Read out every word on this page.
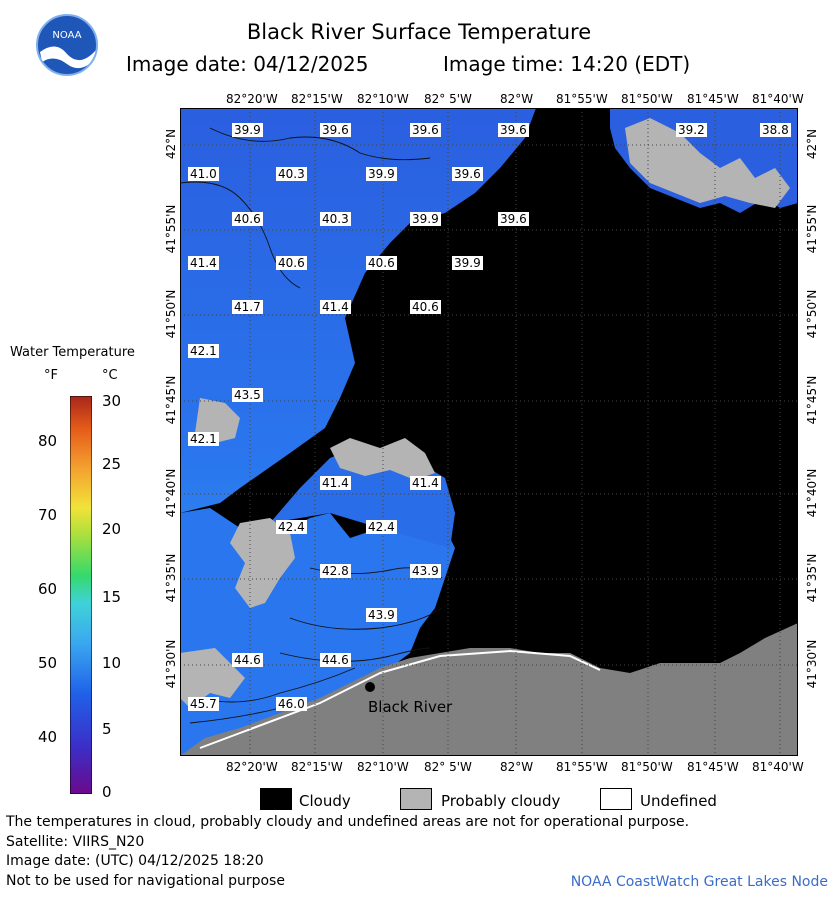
NOAA	Black River Surface Temperature
Image date: 04/12/2025	Image time: 14:20 (EDT)
82°20'W 82°15'W 82°10'W 82° 5'W 82°W 81°55'W 81°50'W 81°45'W 81°40'W
82°20'W 82°15'W 82°10'W 82° 5'W 82°W 81°55'W 81°50'W 81°45'W 81°40'W
42°N
41°55'N
41°50'N
41°45'N
41°40'N
41°35'N
41°30'N
42°N
41°55'N
41°50'N
41°45'N
41°40'N
41°35'N
41°30'N
39.9	39.6	39.6	39.6	39.2	38.8
41.0	40.3	39.9	39.6
40.6	40.3	39.9	39.6
41.4	40.6	40.6	39.9
41.7	41.4	40.6
42.1
43.5
42.1
41.4	41.4
42.4	42.4
42.8	43.9
43.9
44.6	44.6
45.7	46.0	Black River
Water Temperature
°F	°C
80
70
60
50
40
30
25
20
15
10
5
0	Cloudy	Probably cloudy	Undefined
The temperatures in cloud, probably cloudy and undefined areas are not for operational purpose.
Satellite: VIIRS_N20
Image date: (UTC) 04/12/2025 18:20
Not to be used for navigational purpose	NOAA CoastWatch Great Lakes Node
